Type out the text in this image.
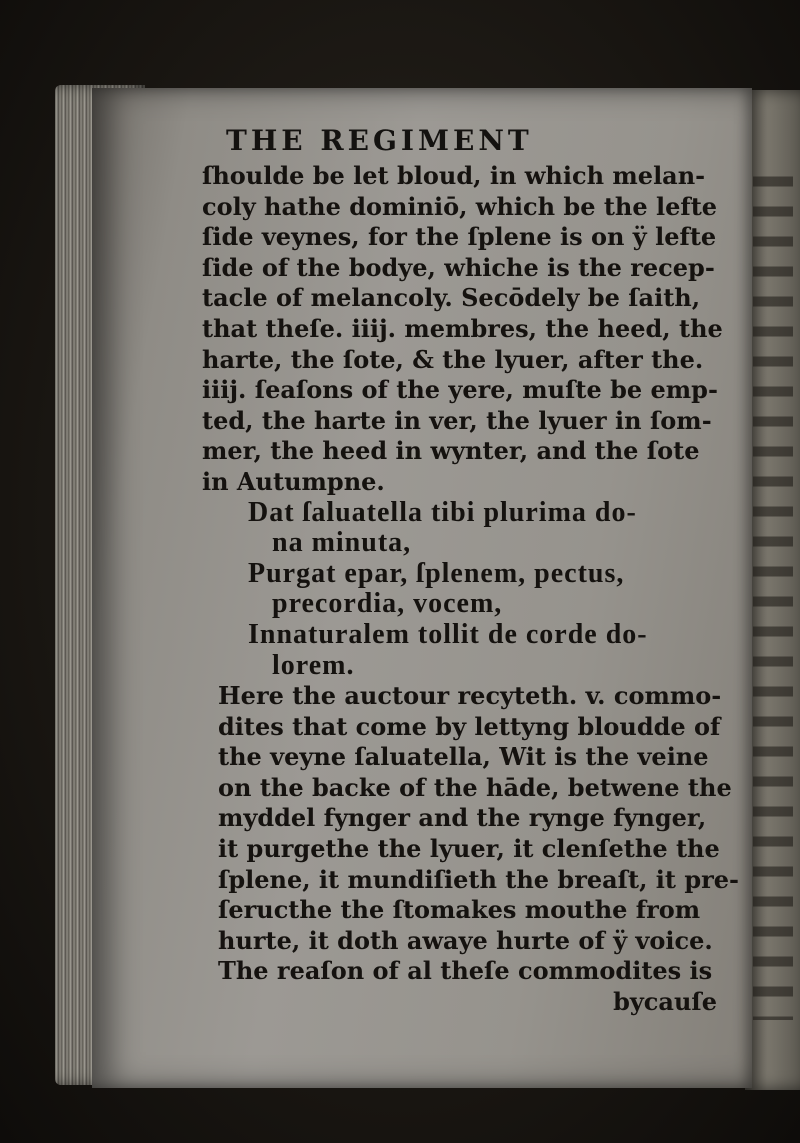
THE REGIMENT
ſhoulde be let bloud, in which melan-
coly hathe dominiō, which be the lefte
ſide veynes, for the ſplene is on ÿ lefte
ſide of the bodye, whiche is the recep-
tacle of melancoly. Secōdely be ſaith,
that theſe. iiij. membres, the heed, the
harte, the ſote, & the lyuer, after the.
iiij. ſeaſons of the yere, muſte be emp-
ted, the harte in ver, the lyuer in ſom-
mer, the heed in wynter, and the ſote
in Autumpne.
Dat ſaluatella tibi plurima do-
na minuta,
Purgat epar, ſplenem, pectus,
precordia, vocem,
Innaturalem tollit de corde do-
lorem.
Here the auctour recyteth. v. commo-
dites that come by lettyng bloudde of
the veyne ſaluatella, Wit is the veine
on the backe of the hāde, betwene the
myddel fynger and the rynge fynger,
it purgethe the lyuer, it clenſethe the
ſplene, it mundiſieth the breaſt, it pre-
ſeructhe the ſtomakes mouthe from
hurte, it doth awaye hurte of ÿ voice.
The reaſon of al theſe commodites is
bycauſe
